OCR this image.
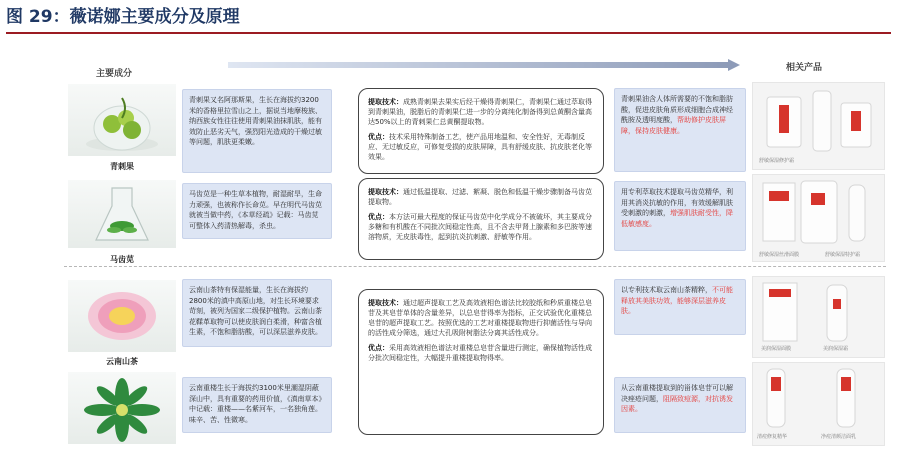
图 29：薇诺娜主要成分及原理
主要成分
相关产品
青刺果
马齿苋
云南山茶
青刺果又名阿那斯果，生长在海拔约3200米的香格里拉雪山之上，据说当地摩梭族、纳西族女性往往使用青刺果油抹肌肤，能有效防止恶劣天气，强烈阳光造成的干燥过敏等问题，肌肤更柔嫩。
马齿苋是一种生草本植物，耐湿耐旱，生命力顽强，也被称作长命苋。早在明代马齿苋就被当做中药，《本草经疏》记载：马齿苋可整体入药清热解毒，杀虫。
云南山茶特有保湿能量，生长在海拔约2800米的滇中高原山地，对生长环境要求苛刻，被列为国家二级保护植物。云南山茶花鞣革取物可以使皮肤润白柔滑，种富含植生素，不饱和脂肪酸，可以深层滋养皮肤。
云南重楼生长于海拔约3100米里潮湿阴蔽深山中，具有重要的药用价值，《滇南草本》中记载：重楼——名紫河车，一名独角莲。味辛、苦、性微寒。

提取技术：成熟青刺果去果实后经干燥得青刺果仁，青刺果仁通过萃取得到青刺果油，脱脂后的青刺果仁进一步的分离纯化制备得到总黄酮含量高达50%以上的青刺果仁总黄酮提取物。

优点：技术采用特殊制备工艺，使产品用地温和、安全性好，无毒制反应、无过敏反应，可修复受损的皮肤屏障，具有舒缓皮肤、抗皮肤老化等效果。

提取技术：通过低温提取、过滤、絮凝、脱色和低温干燥步骤制备马齿苋提取物。

优点：本方法可最大程度的保证马齿苋中化学成分不被破坏，其主要成分多糖和有机酸在不同批次间稳定性高，且不含去甲肾上腺素和多巴胺等速溶物质，无皮肤毒性，起到抗炎抗刺激、舒敏等作用。

提取技术：通过超声提取工艺及高效液相色谱法比较胶纸和秒质重楼总皂苷及其皂苷单体的含量差异，以总皂苷得率为指标，正交试验优化重楼总皂苷的超声提取工艺。按照优选的工艺对重楼提取物进行抑菌活性与导向的活性成分筛选，通过大孔吸附树脂法分离其活性成分。

优点：采用高效液相色谱法对重楼总皂苷含量进行测定，确保植物活性成分批次间稳定性，大幅提升重楼提取物得率。

青刺果油含人体所需要的不饱和脂肪酸，促进皮肤角质形成细胞合成神经酰胺及透明度酸，帮助修护皮肤屏障，保持皮肤健康。
用专利萃取技术提取马齿苋精华，利用其消炎抗敏的作用，有效缓解肌肤受刺激的刺激，增强肌肤耐受性，降低敏感度。
以专利技术取云南山茶精粹，不可能释放其美肤功效，能够深层滋养皮肤。
从云南重楼提取到的甾体皂苷可以解决痤疮问题，阻隔致痘源，对抗诱发因素。
舒敏保湿修护霜
舒敏保湿丝滑面膜	舒敏保湿特护霜
美润保湿面膜	美润保湿霜
清痘修复精华	净痘清颜洁面乳
